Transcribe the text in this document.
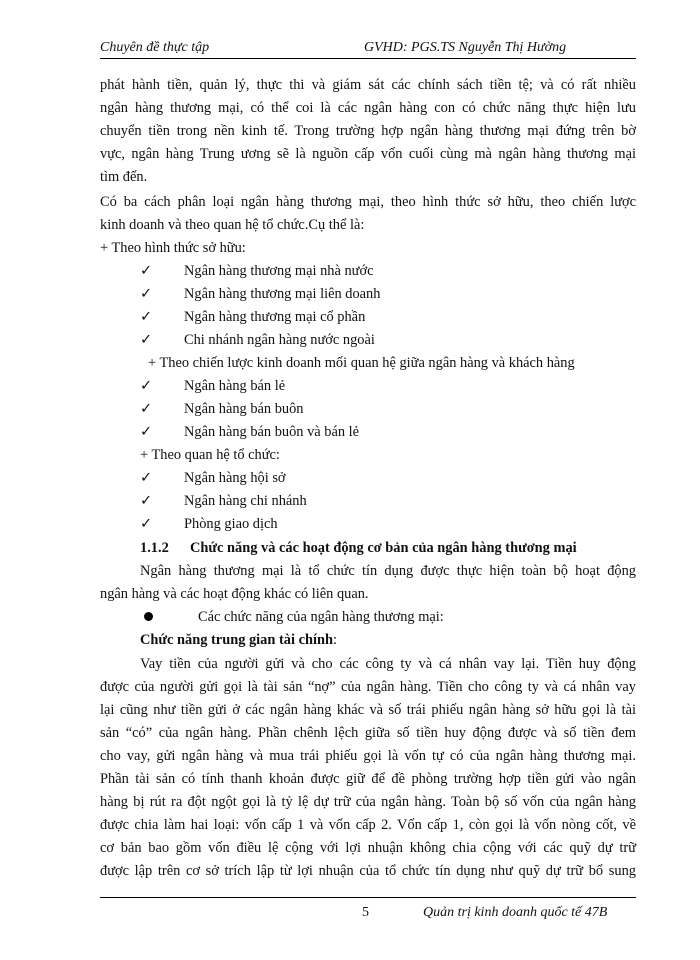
Chuyên đề thực tập	GVHD: PGS.TS Nguyễn Thị Hường
phát hành tiền, quản lý, thực thi và giám sát các chính sách tiền tệ; và có rất nhiều
ngân hàng thương mại, có thể coi là các ngân hàng con có chức năng thực hiện lưu
chuyển tiền trong nền kinh tế. Trong trường hợp ngân hàng thương mại đứng trên bờ
vực, ngân hàng Trung ương sẽ là nguồn cấp vốn cuối cùng mà ngân hàng thương mại
tìm đến.
Có ba cách phân loại ngân hàng thương mại, theo hình thức sở hữu, theo chiến lược
kinh doanh và theo quan hệ tổ chức.Cụ thể là:
+ Theo hình thức sở hữu:
✓ Ngân hàng thương mại nhà nước
✓ Ngân hàng thương mại liên doanh
✓ Ngân hàng thương mại cổ phần
✓ Chi nhánh ngân hàng nước ngoài
+ Theo chiến lược kinh doanh mối quan hệ giữa ngân hàng và khách hàng
✓ Ngân hàng bán lẻ
✓ Ngân hàng bán buôn
✓ Ngân hàng bán buôn và bán lẻ
+ Theo quan hệ tổ chức:
✓ Ngân hàng hội sở
✓ Ngân hàng chi nhánh
✓ Phòng giao dịch
1.1.2 Chức năng và các hoạt động cơ bản của ngân hàng thương mại
Ngân hàng thương mại là tổ chức tín dụng được thực hiện toàn bộ hoạt động
ngân hàng và các hoạt động khác có liên quan.
Các chức năng của ngân hàng thương mại:
Chức năng trung gian tài chính:
Vay tiền của người gửi và cho các công ty và cá nhân vay lại. Tiền huy động
được của người gửi gọi là tài sản “nợ” của ngân hàng. Tiền cho công ty và cá nhân vay
lại cũng như tiền gửi ở các ngân hàng khác và số trái phiếu ngân hàng sở hữu gọi là tài
sản “có” của ngân hàng. Phần chênh lệch giữa số tiền huy động được và số tiền đem
cho vay, gửi ngân hàng và mua trái phiếu gọi là vốn tự có của ngân hàng thương mại.
Phần tài sản có tính thanh khoản được giữ để đề phòng trường hợp tiền gửi vào ngân
hàng bị rút ra đột ngột gọi là tỷ lệ dự trữ của ngân hàng. Toàn bộ số vốn của ngân hàng
được chia làm hai loại: vốn cấp 1 và vốn cấp 2. Vốn cấp 1, còn gọi là vốn nòng cốt, về
cơ bản bao gồm vốn điều lệ cộng với lợi nhuận không chia cộng với các quỹ dự trữ
được lập trên cơ sở trích lập từ lợi nhuận của tổ chức tín dụng như quỹ dự trữ bổ sung
5	Quản trị kinh doanh quốc tế 47B
